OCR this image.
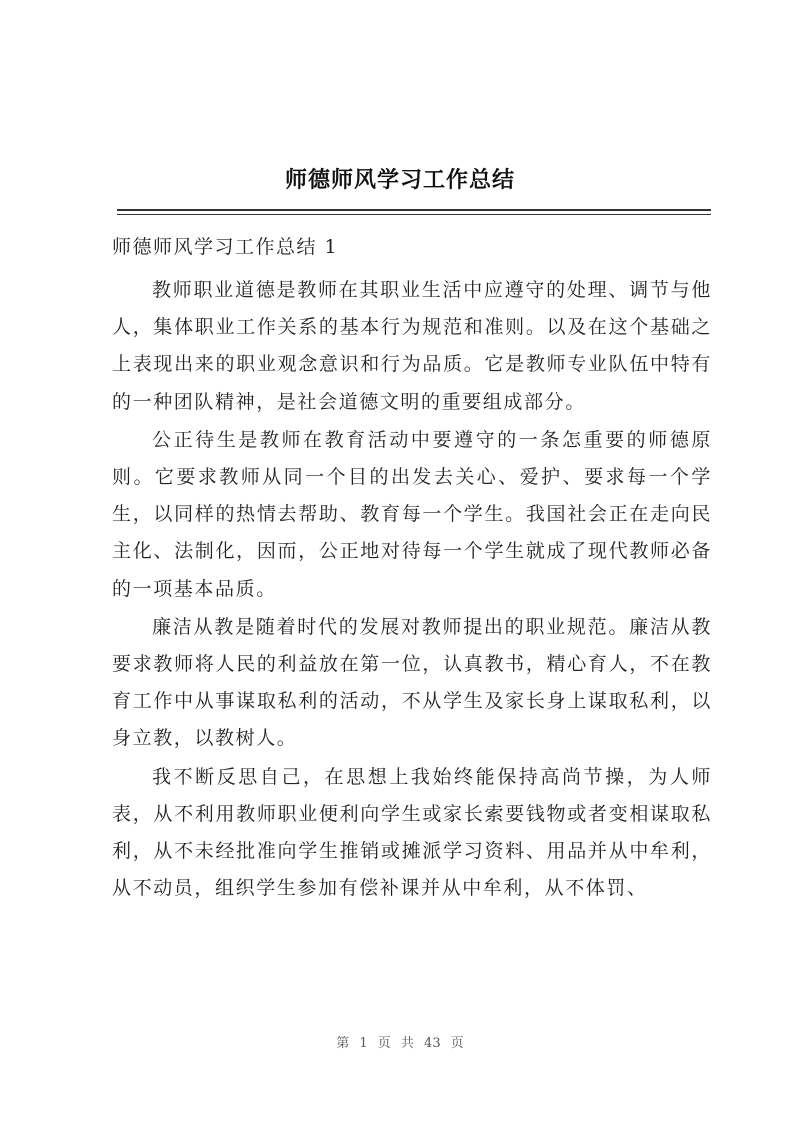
师德师风学习工作总结
师德师风学习工作总结 1

教师职业道德是教师在其职业生活中应遵守的处理、调节与他人，集体职业工作关系的基本行为规范和准则。以及在这个基础之上表现出来的职业观念意识和行为品质。它是教师专业队伍中特有的一种团队精神，是社会道德文明的重要组成部分。

公正待生是教师在教育活动中要遵守的一条怎重要的师德原则。它要求教师从同一个目的出发去关心、爱护、要求每一个学生，以同样的热情去帮助、教育每一个学生。我国社会正在走向民主化、法制化，因而，公正地对待每一个学生就成了现代教师必备的一项基本品质。

廉洁从教是随着时代的发展对教师提出的职业规范。廉洁从教要求教师将人民的利益放在第一位，认真教书，精心育人，不在教育工作中从事谋取私利的活动，不从学生及家长身上谋取私利，以身立教，以教树人。

我不断反思自己，在思想上我始终能保持高尚节操，为人师表，从不利用教师职业便利向学生或家长索要钱物或者变相谋取私利，从不未经批准向学生推销或摊派学习资料、用品并从中牟利，从不动员，组织学生参加有偿补课并从中牟利，从不体罚、

第 1 页 共 43 页
